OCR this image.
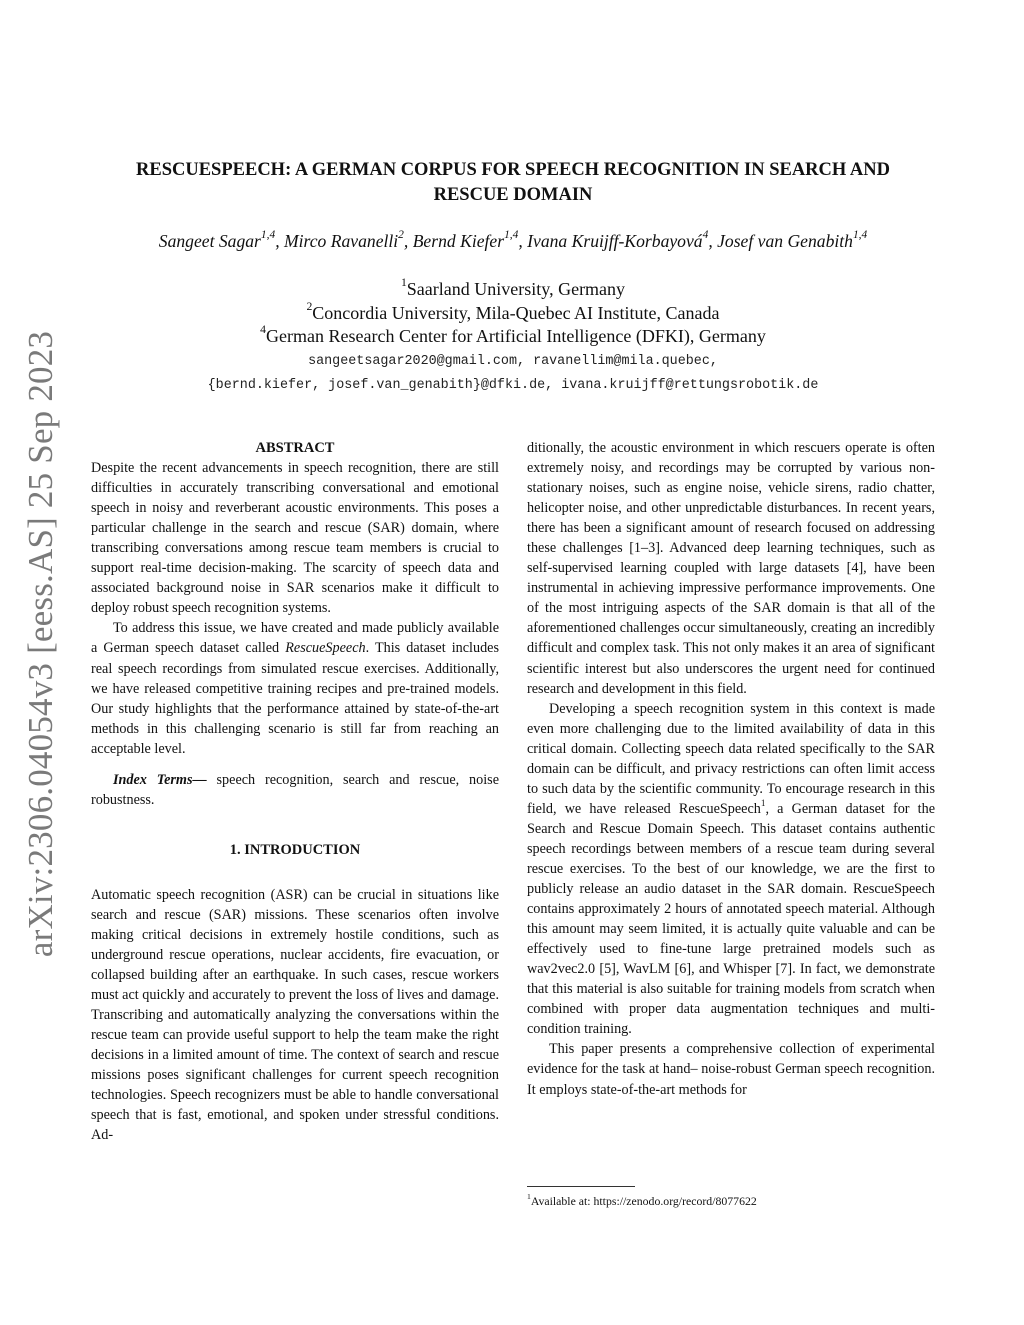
arXiv:2306.04054v3 [eess.AS] 25 Sep 2023
RESCUESPEECH: A GERMAN CORPUS FOR SPEECH RECOGNITION IN SEARCH AND
RESCUE DOMAIN
Sangeet Sagar$^{1,4}$, Mirco Ravanelli$^2$, Bernd Kiefer$^{1,4}$, Ivana Kruijff-Korbayová$^4$, Josef van Genabith$^{1,4}$
$^1$Saarland University, Germany
$^2$Concordia University, Mila-Quebec AI Institute, Canada
$^4$German Research Center for Artificial Intelligence (DFKI), Germany
sangeetsagar2020@gmail.com, ravanellim@mila.quebec,
{bernd.kiefer, josef.van_genabith}@dfki.de, ivana.kruijff@rettungsrobotik.de

ABSTRACT

Despite the recent advancements in speech recognition, there are still difficulties in accurately transcribing conversational and emotional speech in noisy and reverberant acoustic environments. This poses a particular challenge in the search and rescue (SAR) domain, where transcribing conversations among rescue team members is crucial to support real-time decision-making. The scarcity of speech data and associated background noise in SAR scenarios make it difficult to deploy robust speech recognition systems.

To address this issue, we have created and made publicly available a German speech dataset called RescueSpeech. This dataset includes real speech recordings from simulated rescue exercises. Additionally, we have released competitive training recipes and pre-trained models. Our study highlights that the performance attained by state-of-the-art methods in this challenging scenario is still far from reaching an acceptable level.

Index Terms— speech recognition, search and rescue, noise robustness.

1. INTRODUCTION

Automatic speech recognition (ASR) can be crucial in situations like search and rescue (SAR) missions. These scenarios often involve making critical decisions in extremely hostile conditions, such as underground rescue operations, nuclear accidents, fire evacuation, or collapsed building after an earthquake. In such cases, rescue workers must act quickly and accurately to prevent the loss of lives and damage. Transcribing and automatically analyzing the conversations within the rescue team can provide useful support to help the team make the right decisions in a limited amount of time. The context of search and rescue missions poses significant challenges for current speech recognition technologies. Speech recognizers must be able to handle conversational speech that is fast, emotional, and spoken under stressful conditions. Ad-

ditionally, the acoustic environment in which rescuers operate is often extremely noisy, and recordings may be corrupted by various non-stationary noises, such as engine noise, vehicle sirens, radio chatter, helicopter noise, and other unpredictable disturbances. In recent years, there has been a significant amount of research focused on addressing these challenges [1–3]. Advanced deep learning techniques, such as self-supervised learning coupled with large datasets [4], have been instrumental in achieving impressive performance improvements. One of the most intriguing aspects of the SAR domain is that all of the aforementioned challenges occur simultaneously, creating an incredibly difficult and complex task. This not only makes it an area of significant scientific interest but also underscores the urgent need for continued research and development in this field.

Developing a speech recognition system in this context is made even more challenging due to the limited availability of data in this critical domain. Collecting speech data related specifically to the SAR domain can be difficult, and privacy restrictions can often limit access to such data by the scientific community. To encourage research in this field, we have released RescueSpeech$^1$, a German dataset for the Search and Rescue Domain Speech. This dataset contains authentic speech recordings between members of a rescue team during several rescue exercises. To the best of our knowledge, we are the first to publicly release an audio dataset in the SAR domain. RescueSpeech contains approximately 2 hours of annotated speech material. Although this amount may seem limited, it is actually quite valuable and can be effectively used to fine-tune large pretrained models such as wav2vec2.0 [5], WavLM [6], and Whisper [7]. In fact, we demonstrate that this material is also suitable for training models from scratch when combined with proper data augmentation techniques and multi-condition training.

This paper presents a comprehensive collection of experimental evidence for the task at hand– noise-robust German speech recognition. It employs state-of-the-art methods for

$^1$Available at: https://zenodo.org/record/8077622
